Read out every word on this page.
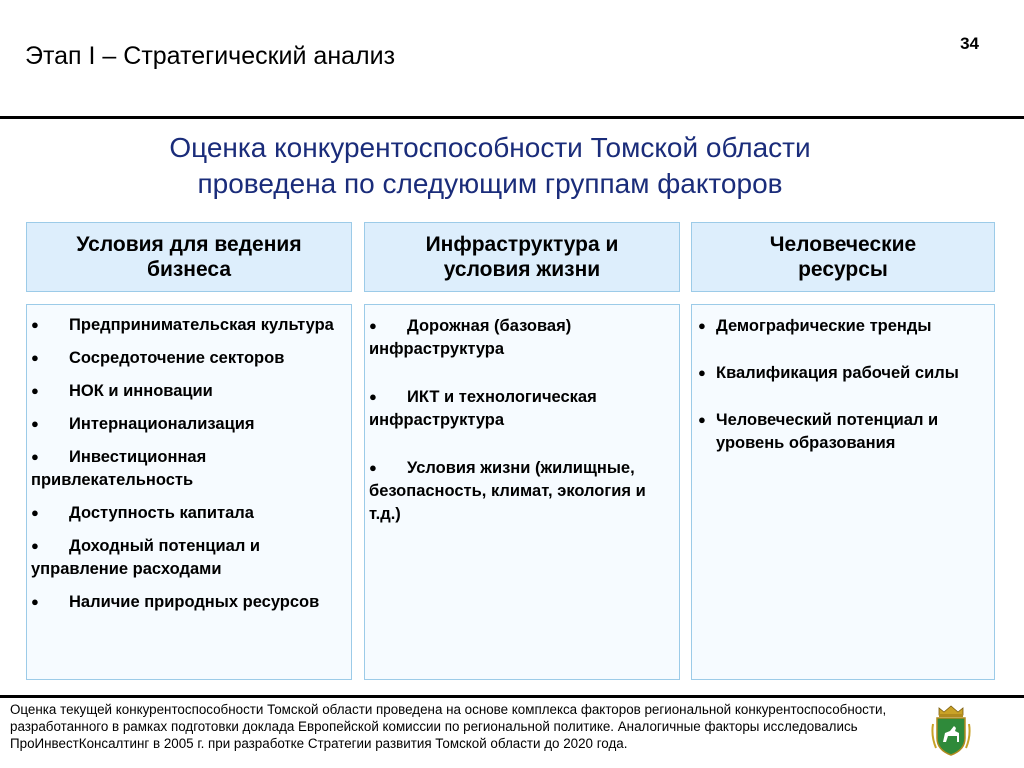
Этап I – Стратегический анализ	34
Оценка конкурентоспособности Томской области
проведена по следующим группам факторов
Условия для ведения
бизнеса
Инфраструктура и
условия жизни
Человеческие
ресурсы
● Предпринимательская культура
● Сосредоточение секторов
● НОК и инновации
● Интернационализация
● Инвестиционная привлекательность
● Доступность капитала
● Доходный потенциал и управление расходами
● Наличие природных ресурсов
● Дорожная (базовая) инфраструктура
● ИКТ и технологическая инфраструктура
● Условия жизни (жилищные, безопасность, климат, экология и т.д.)
● Демографические тренды
● Квалификация рабочей силы
● Человеческий потенциал и уровень образования
Оценка текущей конкурентоспособности Томской области проведена на основе комплекса факторов региональной конкурентоспособности, разработанного в рамках подготовки доклада Европейской комиссии по региональной политике. Аналогичные факторы исследовались ПроИнвестКонсалтинг в 2005 г. при разработке Стратегии развития Томской области до 2020 года.
